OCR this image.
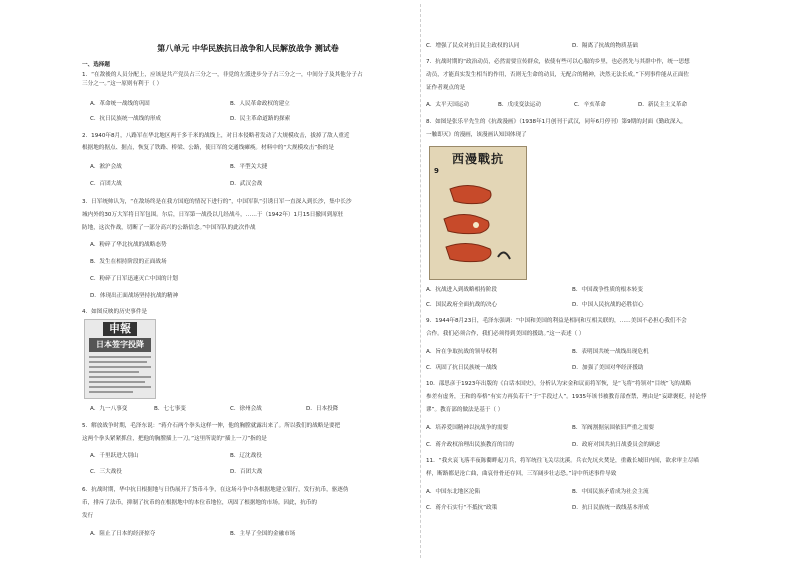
第八单元 中华民族抗日战争和人民解放战争 测试卷
一、选择题
1．“在敌後的人员分配上，应该是共产党员占三分之一，非党的左派进步分子占三分之一，中间分子及其他分子占
三分之一。”这一原则有利于（ ）
A．革命统一战线的巩固	B．人民革命政权的建立
C．抗日民族统一战线的形成	D．民主革命道路的探索
2．1940年8月，八路军在华北地区两千多千米的战线上，对日本侵略者发动了大规模攻击，拔掉了敌人重近
根据地的据点、据点，恢复了铁路、桥梁、公路，使日军的交通线瘫痪。材料中的“大规模攻击”指的是
A．淞沪会战	B．平型关大捷
C．百团大战	D．武汉会战
3．日军统帅认为，“在敌场终是在我方国庭的情况下进行的”，中国军队“引诱日军一直深入到长沙，集中长沙
城内外的30万大军将日军包围。尔后，日军第一战役以几经战斗，……于（1942年）1月15日撤回到原驻
防地，这次作战，切断了一部分高兴的公路信念。”中国军队的此次作战
A．粉碎了华北抗战的战略态势
B．发生在相持阶段的正面战场
C．粉碎了日军迅速灭亡中国的计划
D．体现出正面战场坚持抗战的精神
4．如图反映的历史事件是
申報
日本签字投降
A．九一八事变	B．七七事变	C．徐州会战	D．日本投降
5．解放战争时期，毛泽东说：“蒋介石两个拳头这样一伸，他的胸膛就露出来了。所以我们的战略是要把
这两个拳头紧紧抓住，把他的胸膛插上一刀。”这里所说的“插上一刀”指的是
A．千里跃进大别山	B．辽沈战役
C．三大战役	D．百团大战
6．抗战时期，华中抗日根据地与日伪展开了货币斗争，在这场斗争中各根据地建立银行，发行抗币，驱逐伪
币，排斥了法币，抑制了抗币的在根据地中的本位币地位，巩固了根据地的市场。因此，抗币的
发行
A．阻止了日本的经济掠夺	B．主导了全国的金融市场
C．增强了民众对抗日民主政权的认同	D．隔离了抗战的物质基础
7．抗战时期的“政治动员，必然需要宣传群众，依使有些可以心服的乡里，也必然先与其群中作，统一思想
动员，才能真实发生相当的作用，否则无生命的动员，无配合的精神，决然无法长成。”下列事件能从正面佐
证作者观点的是
A．太平天国运动	B．戊戌变法运动	C．辛亥革命	D．新民主主义革命
8．如图是张乐平先生的《抗战漫画》（1938年1月创刊于武汉，同年6月停刊）第9期的封面《勤政深入，
一触即灭》的漫画，该漫画认知国体现了
西漫戰抗
9
A．抗战进入到战略相持阶段	B．中国战争性质的根本转变
C．国民政府全面抗战的决心	D．中国人民抗战的必胜信心
9．1944年8月23日，毛泽东强调：“中国和美国的利益是相同和互相关联的，……美国不必担心我们不会
合作。我们必须合作，我们必须得到美国的援助。”这一表述（ ）
A．旨在争取抗战的领导权利	B．表明国共统一战线出现危机
C．巩固了抗日民族统一战线	D．加强了美国对华经济援助
10．邵思彦于1923年出版的《白话本国史》，分析认为宋金和议而将军恢，是“飞将”将领对“目统”飞的战略
参差有虚务，王和的奉格“有实力再负若干”于“手段过人”。1935年该书被教育部查禁，理由是“妄肆褒贬，持论悖
谬”。教育部的做法是基于（ ）
A．培养爱国精神以抗战争的需要	B．军阀割据氛围依旧严重之需要
C．蒋介政权治理出民族教育的目的	D．政府对国共抗日战委员会的顾虑
11．“我火哀飞落半夜陈衢畔起刀兵，将军统往飞关尽沈溪。兵衣先坑火焚是，重戴长城旧内间，欲求审主尽喵
样，断路都是沧亡曲，曲哀骨骨还存回，三军阔步壮志恐。”诗中所述事件导致
A．中国东北地区沦陷	B．中国民族矛盾成为社会主流
C．蒋介石实行“不抵抗”政策	D．抗日民族统一战线基本形成
